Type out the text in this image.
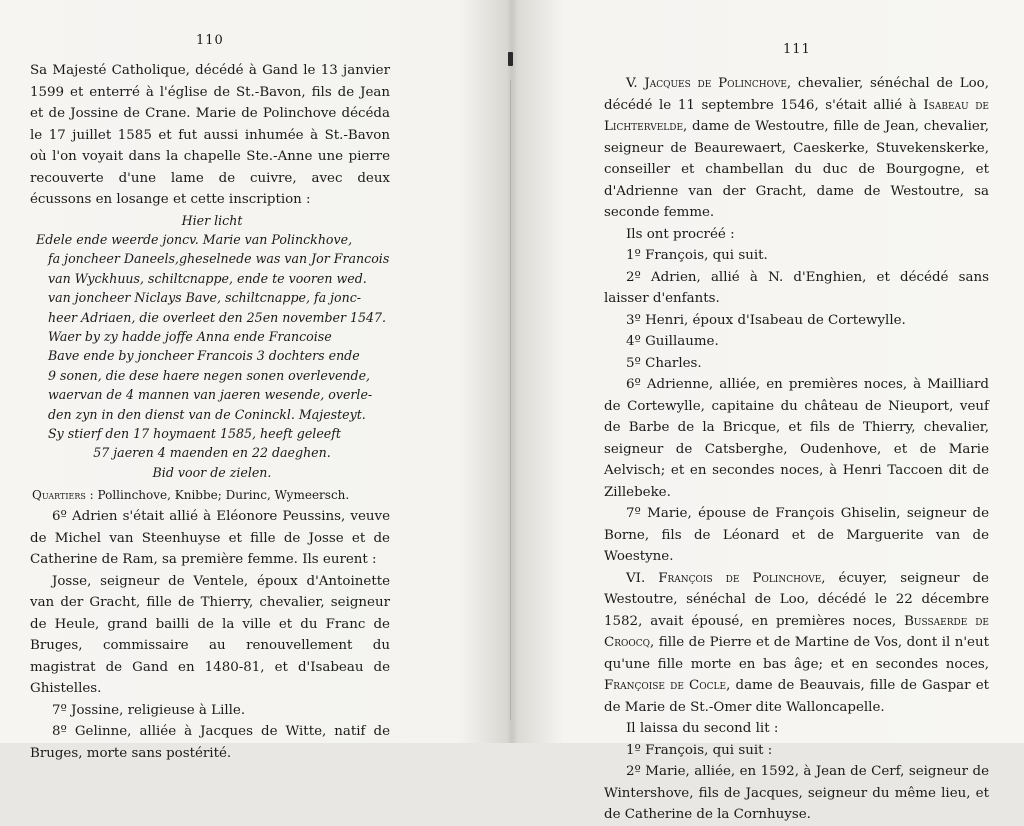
110

Sa Majesté Catholique, décédé à Gand le 13 janvier 1599 et enterré à l'église de St.-Bavon, fils de Jean et de Jossine de Crane. Marie de Polinchove décéda le 17 juillet 1585 et fut aussi inhumée à St.-Bavon où l'on voyait dans la chapelle Ste.-Anne une pierre recouverte d'une lame de cuivre, avec deux écussons en losange et cette inscription :

Hier licht
Edele ende weerde joncv. Marie van Polinckhove,
fa joncheer Daneels,gheselnede was van Jor Francois
van Wyckhuus, schiltcnappe, ende te vooren wed.
van joncheer Niclays Bave, schiltcnappe, fa jonc-
heer Adriaen, die overleet den 25en november 1547.
Waer by zy hadde joffe Anna ende Francoise
Bave ende by joncheer Francois 3 dochters ende
9 sonen, die dese haere negen sonen overlevende,
waervan de 4 mannen van jaeren wesende, overle-
den zyn in den dienst van de Coninckl. Majesteyt.
Sy stierf den 17 hoymaent 1585, heeft geleeft
57 jaeren 4 maenden en 22 daeghen.
Bid voor de zielen.

Quartiers : Pollinchove, Knibbe; Durinc, Wymeersch.

6º Adrien s'était allié à Eléonore Peussins, veuve de Michel van Steenhuyse et fille de Josse et de Catherine de Ram, sa première femme. Ils eurent :

Josse, seigneur de Ventele, époux d'Antoinette van der Gracht, fille de Thierry, chevalier, seigneur de Heule, grand bailli de la ville et du Franc de Bruges, commissaire au renouvellement du magistrat de Gand en 1480-81, et d'Isabeau de Ghistelles.

7º Jossine, religieuse à Lille.

8º Gelinne, alliée à Jacques de Witte, natif de Bruges, morte sans postérité.

111

V. Jacques de Polinchove, chevalier, sénéchal de Loo, décédé le 11 septembre 1546, s'était allié à Isabeau de Lichtervelde, dame de Westoutre, fille de Jean, chevalier, seigneur de Beaurewaert, Caeskerke, Stuvekenskerke, conseiller et chambellan du duc de Bourgogne, et d'Adrienne van der Gracht, dame de Westoutre, sa seconde femme.

Ils ont procréé :

1º François, qui suit.

2º Adrien, allié à N. d'Enghien, et décédé sans laisser d'enfants.

3º Henri, époux d'Isabeau de Cortewylle.

4º Guillaume.

5º Charles.

6º Adrienne, alliée, en premières noces, à Mailliard de Cortewylle, capitaine du château de Nieuport, veuf de Barbe de la Bricque, et fils de Thierry, chevalier, seigneur de Catsberghe, Oudenhove, et de Marie Aelvisch; et en secondes noces, à Henri Taccoen dit de Zillebeke.

7º Marie, épouse de François Ghiselin, seigneur de Borne, fils de Léonard et de Marguerite van de Woestyne.

VI. François de Polinchove, écuyer, seigneur de Westoutre, sénéchal de Loo, décédé le 22 décembre 1582, avait épousé, en premières noces, Bussaerde de Croocq, fille de Pierre et de Martine de Vos, dont il n'eut qu'une fille morte en bas âge; et en secondes noces, Françoise de Cocle, dame de Beauvais, fille de Gaspar et de Marie de St.-Omer dite Walloncapelle.

Il laissa du second lit :

1º François, qui suit :

2º Marie, alliée, en 1592, à Jean de Cerf, seigneur de Wintershove, fils de Jacques, seigneur du même lieu, et de Catherine de la Cornhuyse.
